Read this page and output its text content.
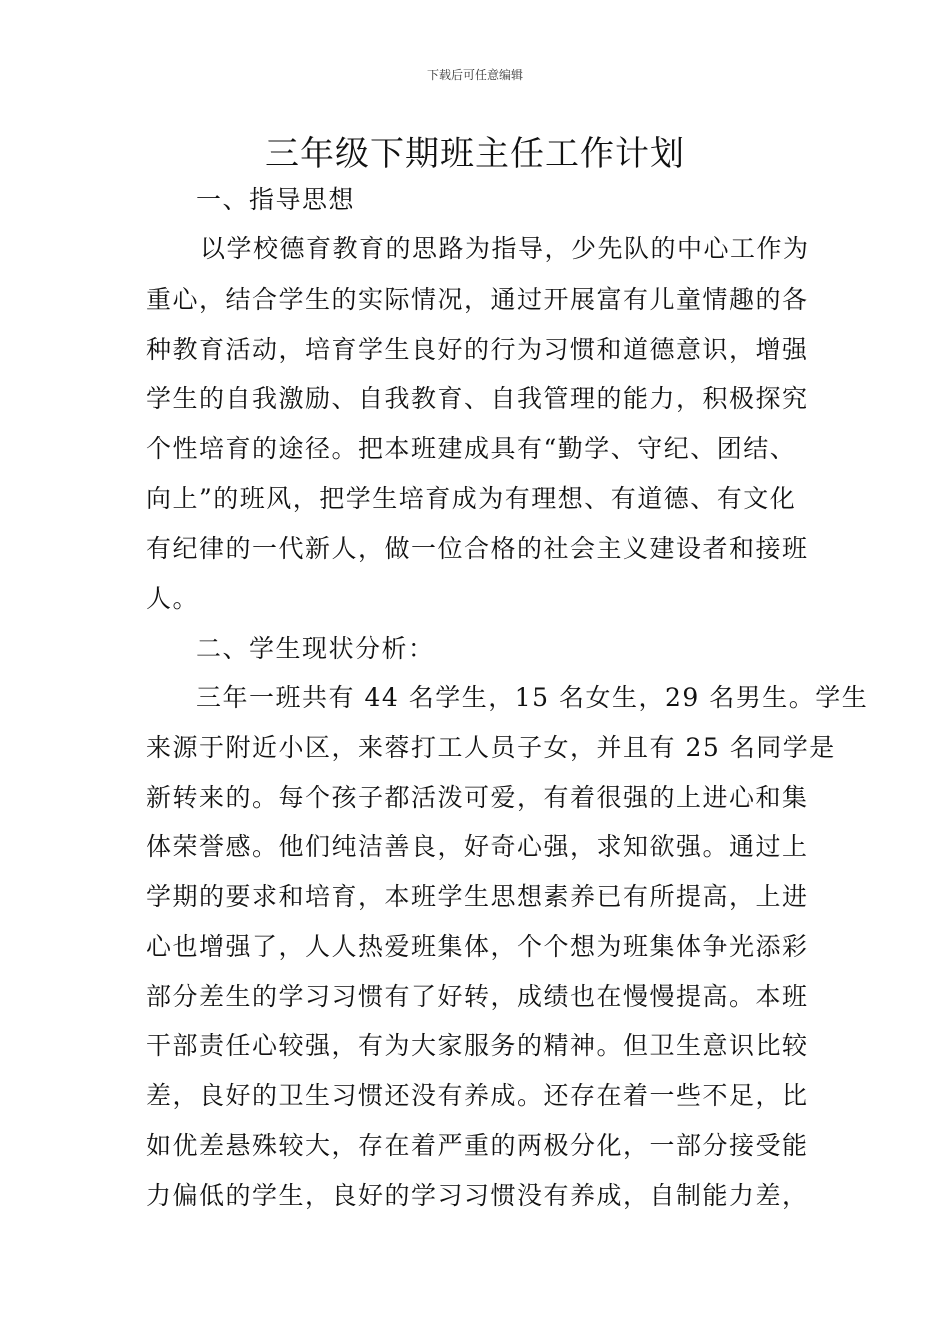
下载后可任意编辑
三年级下期班主任工作计划
一、指导思想
以学校德育教育的思路为指导，少先队的中心工作为
重心，结合学生的实际情况，通过开展富有儿童情趣的各
种教育活动，培育学生良好的行为习惯和道德意识，增强
学生的自我激励、自我教育、自我管理的能力，积极探究
个性培育的途径。把本班建成具有“勤学、守纪、团结、
向上”的班风，把学生培育成为有理想、有道德、有文化
有纪律的一代新人，做一位合格的社会主义建设者和接班
人。
二、学生现状分析：
三年一班共有 44 名学生，15 名女生，29 名男生。学生
来源于附近小区，来蓉打工人员子女，并且有 25 名同学是
新转来的。每个孩子都活泼可爱，有着很强的上进心和集
体荣誉感。他们纯洁善良，好奇心强，求知欲强。通过上
学期的要求和培育，本班学生思想素养已有所提高，上进
心也增强了，人人热爱班集体，个个想为班集体争光添彩
部分差生的学习习惯有了好转，成绩也在慢慢提高。本班
干部责任心较强，有为大家服务的精神。但卫生意识比较
差，良好的卫生习惯还没有养成。还存在着一些不足，比
如优差悬殊较大，存在着严重的两极分化，一部分接受能
力偏低的学生，良好的学习习惯没有养成，自制能力差，
